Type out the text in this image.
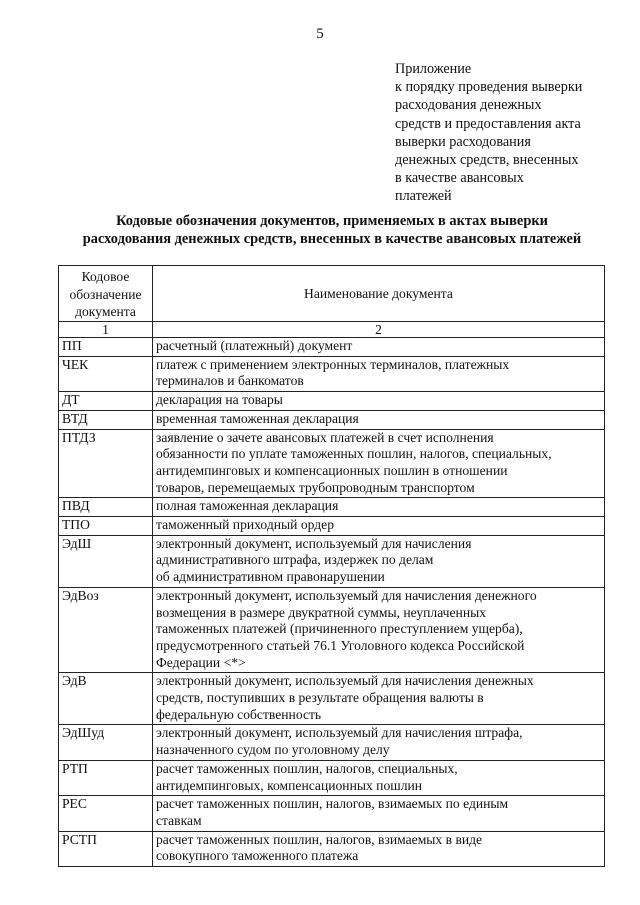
5
Приложение
к порядку проведения выверки
расходования денежных
средств и предоставления акта
выверки расходования
денежных средств, внесенных
в качестве авансовых
платежей
Кодовые обозначения документов, применяемых в актах выверки
расходования денежных средств, внесенных в качестве авансовых платежей
Кодовое
обозначение
документа	Наименование документа
1	2
ПП	расчетный (платежный) документ

ЧЕК	платеж с применением электронных терминалов, платежных
терминалов и банкоматов

ДТ	декларация на товары

ВТД	временная таможенная декларация

ПТДЗ	заявление о зачете авансовых платежей в счет исполнения
обязанности по уплате таможенных пошлин, налогов, специальных,
антидемпинговых и компенсационных пошлин в отношении
товаров, перемещаемых трубопроводным транспортом

ПВД	полная таможенная декларация

ТПО	таможенный приходный ордер

ЭдШ	электронный документ, используемый для начисления
административного штрафа, издержек по делам
об административном правонарушении

ЭдВоз	электронный документ, используемый для начисления денежного
возмещения в размере двукратной суммы, неуплаченных
таможенных платежей (причиненного преступлением ущерба),
предусмотренного статьей 76.1 Уголовного кодекса Российской
Федерации <*>

ЭдВ	электронный документ, используемый для начисления денежных
средств, поступивших в результате обращения валюты в
федеральную собственность

ЭдШуд	электронный документ, используемый для начисления штрафа,
назначенного судом по уголовному делу

РТП	расчет таможенных пошлин, налогов, специальных,
антидемпинговых, компенсационных пошлин

РЕС	расчет таможенных пошлин, налогов, взимаемых по единым
ставкам

РСТП	расчет таможенных пошлин, налогов, взимаемых в виде
совокупного таможенного платежа
